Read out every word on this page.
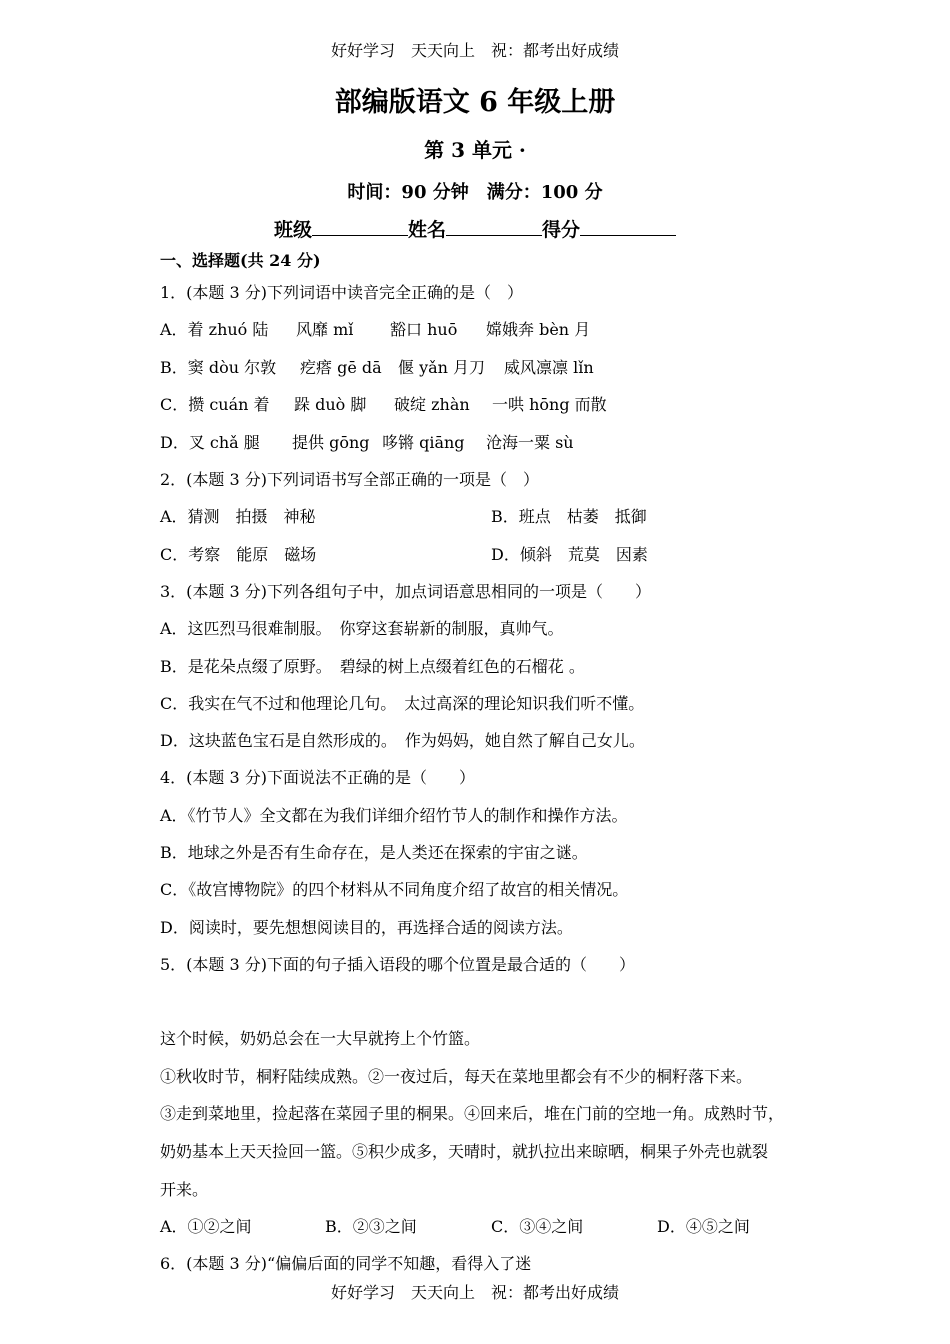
好好学习　天天向上　祝：都考出好成绩
部编版语文 6 年级上册
第 3 单元 ·
时间：90 分钟　满分：100 分
班级	姓名	得分
一、选择题(共 24 分)
1．(本题 3 分)下列词语中读音完全正确的是（　）
A．着 zhuó 陆 风靡 mǐ 豁口 huō 嫦娥奔 bèn 月
B．窦 dòu 尔敦 疙瘩 gē dā 偃 yǎn 月刀 威风凛凛 lǐn
C．攒 cuán 着 跺 duò 脚 破绽 zhàn 一哄 hōng 而散
D．叉 chǎ 腿 提供 gōng 哆锵 qiāng 沧海一粟 sù
2．(本题 3 分)下列词语书写全部正确的一项是（　）
A．猜测　拍摄　神秘	B．班点　枯萎　抵御
C．考察　能原　磁场	D．倾斜　荒莫　因素
3．(本题 3 分)下列各组句子中，加点词语意思相同的一项是（　　）
A．这匹烈马很难制服。　你穿这套崭新的制服，真帅气。
B．是花朵点缀了原野。　碧绿的树上点缀着红色的石榴花 。
C．我实在气不过和他理论几句。　太过高深的理论知识我们听不懂。
D．这块蓝色宝石是自然形成的。　作为妈妈，她自然了解自己女儿。
4．(本题 3 分)下面说法不正确的是（　　）
A．《竹节人》全文都在为我们详细介绍竹节人的制作和操作方法。
B．地球之外是否有生命存在，是人类还在探索的宇宙之谜。
C．《故宫博物院》的四个材料从不同角度介绍了故宫的相关情况。
D．阅读时，要先想想阅读目的，再选择合适的阅读方法。
5．(本题 3 分)下面的句子插入语段的哪个位置是最合适的（　　）
这个时候，奶奶总会在一大早就挎上个竹篮。
①秋收时节，桐籽陆续成熟。②一夜过后，每天在菜地里都会有不少的桐籽落下来。
③走到菜地里，捡起落在菜园子里的桐果。④回来后，堆在门前的空地一角。成熟时节，
奶奶基本上天天捡回一篮。⑤积少成多，天晴时，就扒拉出来晾晒，桐果子外壳也就裂
开来。
A．①②之间	B．②③之间	C．③④之间	D．④⑤之间
6．(本题 3 分)“偏偏后面的同学不知趣，看得入了迷
好好学习　天天向上　祝：都考出好成绩
